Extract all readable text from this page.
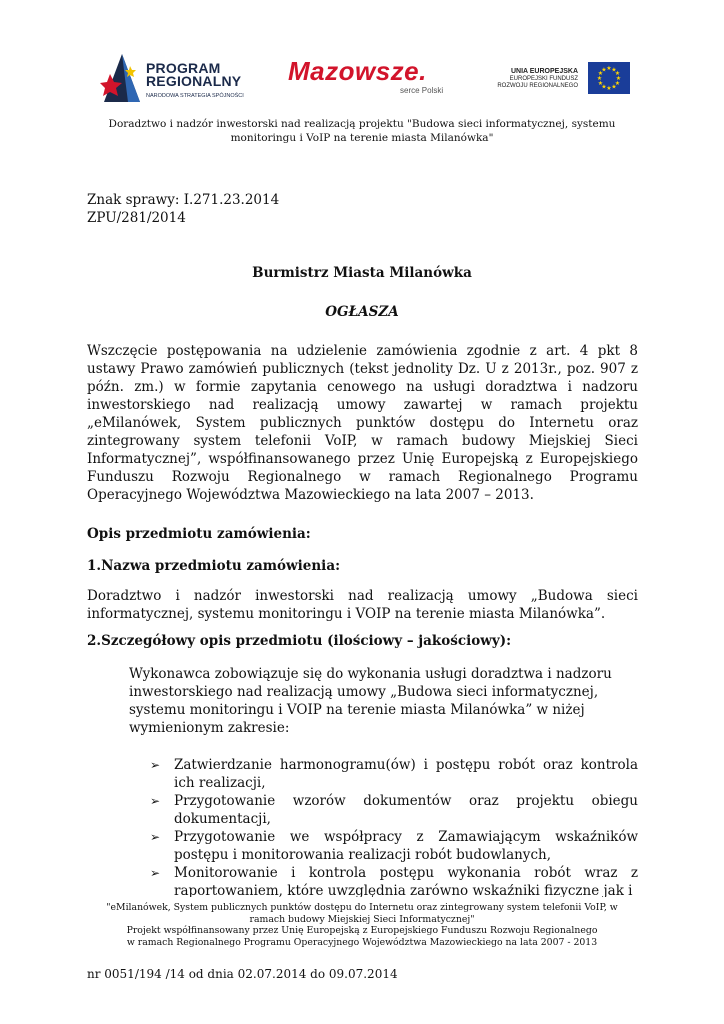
PROGRAM
REGIONALNY
NARODOWA STRATEGIA SPÓJNOŚCI
Mazowsze.
serce Polski
UNIA EUROPEJSKA
EUROPEJSKI FUNDUSZ
ROZWOJU REGIONALNEGO
★ ★
★
★
★
★
★
★
★
★
★
★
Doradztwo i nadzór inwestorski nad realizacją projektu "Budowa sieci informatycznej, systemu
monitoringu i VoIP na terenie miasta Milanówka"
Znak sprawy: I.271.23.2014
ZPU/281/2014
Burmistrz Miasta Milanówka
OGŁASZA
Wszczęcie postępowania na udzielenie zamówienia zgodnie z art. 4 pkt 8 ustawy Prawo zamówień publicznych (tekst jednolity Dz. U z 2013r., poz. 907 z późn. zm.) w formie zapytania cenowego na usługi doradztwa i nadzoru inwestorskiego nad realizacją umowy zawartej w ramach projektu „eMilanówek, System publicznych punktów dostępu do Internetu oraz zintegrowany system telefonii VoIP, w ramach budowy Miejskiej Sieci Informatycznej”, współfinansowanego przez Unię Europejską z Europejskiego Funduszu Rozwoju Regionalnego w ramach Regionalnego Programu Operacyjnego Województwa Mazowieckiego na lata 2007 – 2013.
Opis przedmiotu zamówienia:
1.Nazwa przedmiotu zamówienia:
Doradztwo i nadzór inwestorski nad realizacją umowy „Budowa sieci informatycznej, systemu monitoringu i VOIP na terenie miasta Milanówka”.
2.Szczegółowy opis przedmiotu (ilościowy – jakościowy):
Wykonawca zobowiązuje się do wykonania usługi doradztwa i nadzoru inwestorskiego nad realizacją umowy „Budowa sieci informatycznej, systemu monitoringu i VOIP na terenie miasta Milanówka” w niżej wymienionym zakresie:
➢ Zatwierdzanie harmonogramu(ów) i postępu robót oraz kontrola ich realizacji,
➢ Przygotowanie wzorów dokumentów oraz projektu obiegu dokumentacji,
➢ Przygotowanie we współpracy z Zamawiającym wskaźników postępu i monitorowania realizacji robót budowlanych,
➢ Monitorowanie i kontrola postępu wykonania robót wraz z raportowaniem, które uwzględnia zarówno wskaźniki fizyczne jak i
"eMilanówek, System publicznych punktów dostępu do Internetu oraz zintegrowany system telefonii VoIP, w
ramach budowy Miejskiej Sieci Informatycznej"
Projekt współfinansowany przez Unię Europejską z Europejskiego Funduszu Rozwoju Regionalnego
w ramach Regionalnego Programu Operacyjnego Województwa Mazowieckiego na lata 2007 - 2013
nr 0051/194 /14 od dnia 02.07.2014 do 09.07.2014
